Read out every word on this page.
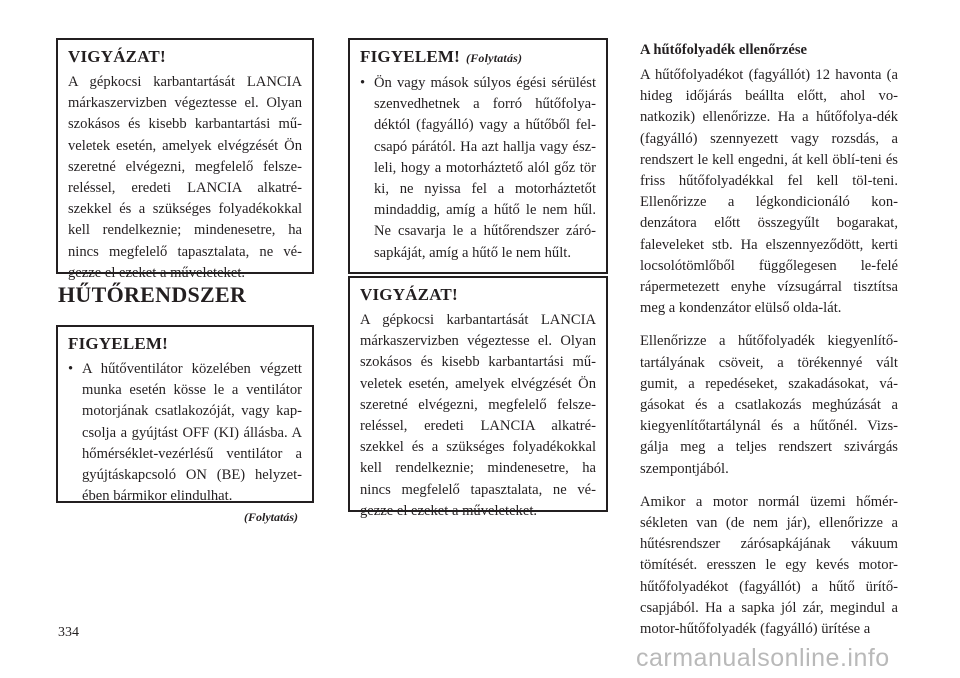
VIGYÁZAT!

A gépkocsi karbantartását LANCIA márkaszervizben végeztesse el. Olyan szokásos és kisebb karbantartási mű-veletek esetén, amelyek elvégzését Ön szeretné elvégezni, megfelelő felsze-reléssel, eredeti LANCIA alkatré-szekkel és a szükséges folyadékokkal kell rendelkeznie; mindenesetre, ha nincs megfelelő tapasztalata, ne vé-gezze el ezeket a műveleteket.

HŰTŐRENDSZER

FIGYELEM!

• A hűtőventilátor közelében végzett munka esetén kösse le a ventilátor motorjának csatlakozóját, vagy kap-csolja a gyújtást OFF (KI) állásba. A hőmérséklet-vezérlésű ventilátor a gyújtáskapcsoló ON (BE) helyzet-ében bármikor elindulhat.
(Folytatás)

FIGYELEM! (Folytatás)

• Ön vagy mások súlyos égési sérülést szenvedhetnek a forró hűtőfolya-déktól (fagyálló) vagy a hűtőből fel-csapó párától. Ha azt hallja vagy ész-leli, hogy a motorháztető alól gőz tör ki, ne nyissa fel a motorháztetőt mindaddig, amíg a hűtő le nem hűl. Ne csavarja le a hűtőrendszer záró-sapkáját, amíg a hűtő le nem hűlt.

VIGYÁZAT!

A gépkocsi karbantartását LANCIA márkaszervizben végeztesse el. Olyan szokásos és kisebb karbantartási mű-veletek esetén, amelyek elvégzését Ön szeretné elvégezni, megfelelő felsze-reléssel, eredeti LANCIA alkatré-szekkel és a szükséges folyadékokkal kell rendelkeznie; mindenesetre, ha nincs megfelelő tapasztalata, ne vé-gezze el ezeket a műveleteket.

A hűtőfolyadék ellenőrzése

A hűtőfolyadékot (fagyállót) 12 havonta (a hideg időjárás beállta előtt, ahol vo-natkozik) ellenőrizze. Ha a hűtőfolya-dék (fagyálló) szennyezett vagy rozsdás, a rendszert le kell engedni, át kell öblí-teni és friss hűtőfolyadékkal fel kell töl-teni. Ellenőrizze a légkondicionáló kon-denzátora előtt összegyűlt bogarakat, faleveleket stb. Ha elszennyeződött, kerti locsolótömlőből függőlegesen le-felé rápermetezett enyhe vízsugárral tisztítsa meg a kondenzátor elülső olda-lát.

Ellenőrizze a hűtőfolyadék kiegyenlítő-tartályának csöveit, a törékennyé vált gumit, a repedéseket, szakadásokat, vá-gásokat és a csatlakozás meghúzását a kiegyenlítőtartálynál és a hűtőnél. Vizs-gálja meg a teljes rendszert szivárgás szempontjából.

Amikor a motor normál üzemi hőmér-sékleten van (de nem jár), ellenőrizze a hűtésrendszer zárósapkájának vákuum tömítését. eresszen le egy kevés motor-hűtőfolyadékot (fagyállót) a hűtő ürítő-csapjából. Ha a sapka jól zár, megindul a motor-hűtőfolyadék (fagyálló) ürítése a

334
carmanualsonline.info
